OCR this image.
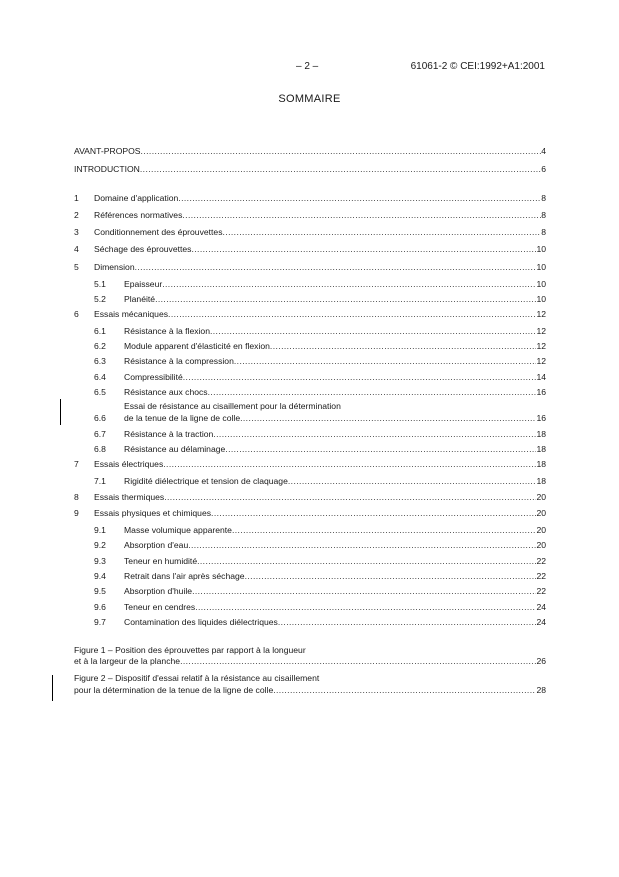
– 2 –	61061-2 © CEI:1992+A1:2001
SOMMAIRE
AVANT-PROPOS .....	4
INTRODUCTION .....	6
1	Domaine d'application .....	8
2	Références normatives .....	8
3	Conditionnement des éprouvettes .....	8
4	Séchage des éprouvettes .....	10
5	Dimension .....	10
5.1	Epaisseur .....	10
5.2	Planéité .....	10
6	Essais mécaniques .....	12
6.1	Résistance à la flexion .....	12
6.2	Module apparent d'élasticité en flexion .....	12
6.3	Résistance à la compression .....	12
6.4	Compressibilité .....	14
6.5	Résistance aux chocs .....	16
Essai de résistance au cisaillement pour la détermination
6.6	de la tenue de la ligne de colle .....	16
6.7	Résistance à la traction .....	18
6.8	Résistance au délaminage .....	18
7	Essais électriques .....	18
7.1	Rigidité diélectrique et tension de claquage .....	18
8	Essais thermiques .....	20
9	Essais physiques et chimiques .....	20
9.1	Masse volumique apparente .....	20
9.2	Absorption d'eau .....	20
9.3	Teneur en humidité .....	22
9.4	Retrait dans l'air après séchage .....	22
9.5	Absorption d'huile .....	22
9.6	Teneur en cendres .....	24
9.7	Contamination des liquides diélectriques .....	24
Figure 1 – Position des éprouvettes par rapport à la longueur
et à la largeur de la planche .....	26
Figure 2 – Dispositif d'essai relatif à la résistance au cisaillement
pour la détermination de la tenue de la ligne de colle .....	28
